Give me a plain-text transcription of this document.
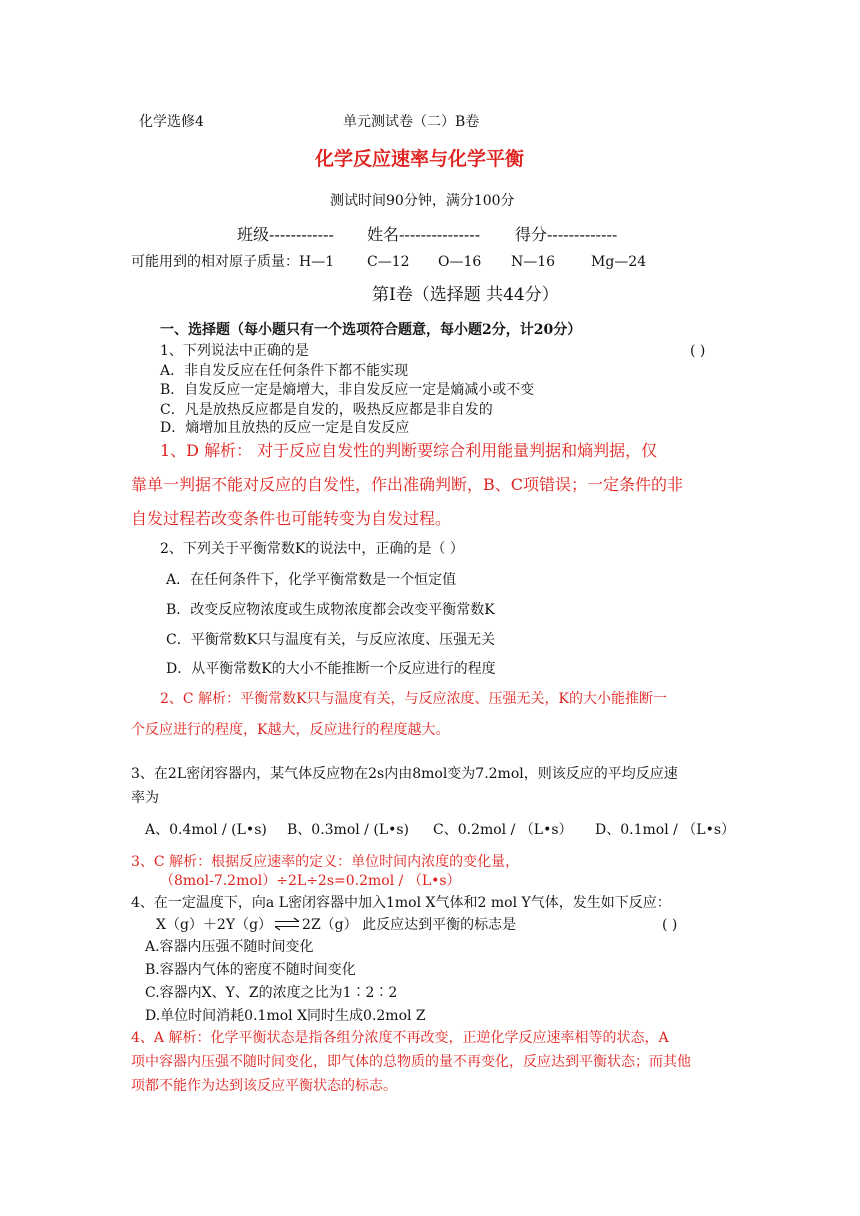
化学选修4	单元测试卷（二）B卷
化学反应速率与化学平衡
测试时间90分钟，满分100分
班级------------ 姓名--------------- 得分-------------
可能用到的相对原子质量：H—1 C—12 O—16 N—16	Mg—24
第Ⅰ卷（选择题 共44分）
一、选择题（每小题只有一个选项符合题意，每小题2分，计20分）
1、下列说法中正确的是	( )
A．非自发反应在任何条件下都不能实现
B．自发反应一定是熵增大，非自发反应一定是熵减小或不变
C．凡是放热反应都是自发的，吸热反应都是非自发的
D．熵增加且放热的反应一定是自发反应
1、D 解析： 对于反应自发性的判断要综合利用能量判据和熵判据，仅
靠单一判据不能对反应的自发性，作出准确判断，B、C项错误；一定条件的非
自发过程若改变条件也可能转变为自发过程。
2、下列关于平衡常数K的说法中，正确的是（ ）
A．在任何条件下，化学平衡常数是一个恒定值
B．改变反应物浓度或生成物浓度都会改变平衡常数K
C．平衡常数K只与温度有关，与反应浓度、压强无关
D．从平衡常数K的大小不能推断一个反应进行的程度
2、C 解析：平衡常数K只与温度有关，与反应浓度、压强无关，K的大小能推断一
个反应进行的程度，K越大，反应进行的程度越大。
3、在2L密闭容器内，某气体反应物在2s内由8mol变为7.2mol，则该反应的平均反应速
率为
A、0.4mol / (L•s) B、0.3mol / (L•s) C、0.2mol / （L•s） D、0.1mol / （L•s）
3、C 解析：根据反应速率的定义：单位时间内浓度的变化量，
（8mol-7.2mol）÷2L÷2s=0.2mol / （L•s）
4、在一定温度下，向a L密闭容器中加入1mol X气体和2 mol Y气体，发生如下反应：
X（g）＋2Y（g） ⇌ 2Z（g） 此反应达到平衡的标志是	( )
A.容器内压强不随时间变化
B.容器内气体的密度不随时间变化
C.容器内X、Y、Z的浓度之比为1∶2∶2
D.单位时间消耗0.1mol X同时生成0.2mol Z
4、A 解析：化学平衡状态是指各组分浓度不再改变，正逆化学反应速率相等的状态，A
项中容器内压强不随时间变化，即气体的总物质的量不再变化，反应达到平衡状态；而其他
项都不能作为达到该反应平衡状态的标志。
